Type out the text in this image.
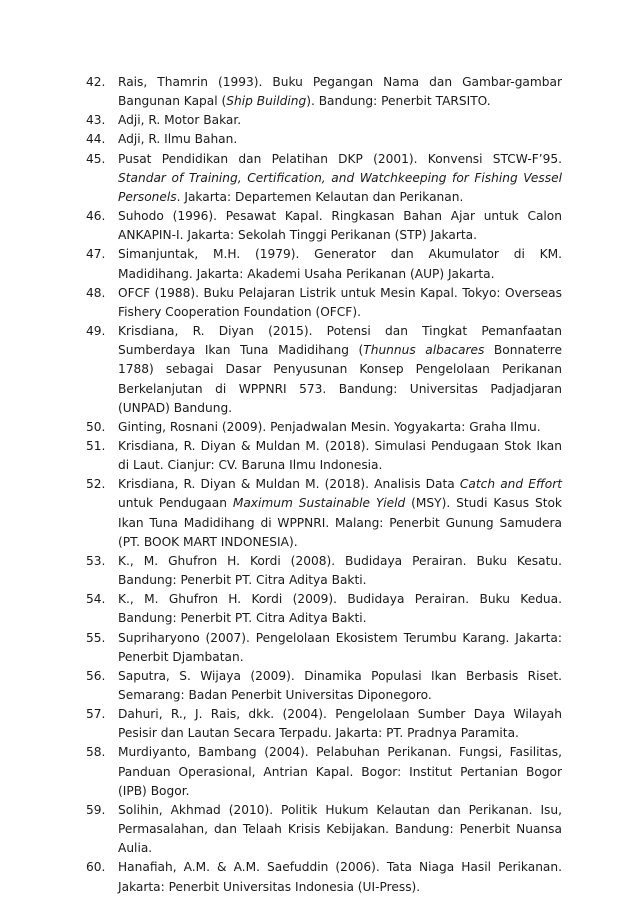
42.	Rais, Thamrin (1993). Buku Pegangan Nama dan Gambar-gambar Bangunan Kapal (Ship Building). Bandung: Penerbit TARSITO.
43.	Adji, R. Motor Bakar.
44.	Adji, R. Ilmu Bahan.
45.	Pusat Pendidikan dan Pelatihan DKP (2001). Konvensi STCW-F’95. Standar of Training, Certification, and Watchkeeping for Fishing Vessel Personels. Jakarta: Departemen Kelautan dan Perikanan.
46.	Suhodo (1996). Pesawat Kapal. Ringkasan Bahan Ajar untuk Calon ANKAPIN-I. Jakarta: Sekolah Tinggi Perikanan (STP) Jakarta.
47.	Simanjuntak, M.H. (1979). Generator dan Akumulator di KM. Madidihang. Jakarta: Akademi Usaha Perikanan (AUP) Jakarta.
48.	OFCF (1988). Buku Pelajaran Listrik untuk Mesin Kapal. Tokyo: Overseas Fishery Cooperation Foundation (OFCF).
49.	Krisdiana, R. Diyan (2015). Potensi dan Tingkat Pemanfaatan Sumberdaya Ikan Tuna Madidihang (Thunnus albacares Bonnaterre 1788) sebagai Dasar Penyusunan Konsep Pengelolaan Perikanan Berkelanjutan di WPPNRI 573. Bandung: Universitas Padjadjaran (UNPAD) Bandung.
50.	Ginting, Rosnani (2009). Penjadwalan Mesin. Yogyakarta: Graha Ilmu.
51.	Krisdiana, R. Diyan & Muldan M. (2018). Simulasi Pendugaan Stok Ikan di Laut. Cianjur: CV. Baruna Ilmu Indonesia.
52.	Krisdiana, R. Diyan & Muldan M. (2018). Analisis Data Catch and Effort untuk Pendugaan Maximum Sustainable Yield (MSY). Studi Kasus Stok Ikan Tuna Madidihang di WPPNRI. Malang: Penerbit Gunung Samudera (PT. BOOK MART INDONESIA).
53.	K., M. Ghufron H. Kordi (2008). Budidaya Perairan. Buku Kesatu. Bandung: Penerbit PT. Citra Aditya Bakti.
54.	K., M. Ghufron H. Kordi (2009). Budidaya Perairan. Buku Kedua. Bandung: Penerbit PT. Citra Aditya Bakti.
55.	Supriharyono (2007). Pengelolaan Ekosistem Terumbu Karang. Jakarta: Penerbit Djambatan.
56.	Saputra, S. Wijaya (2009). Dinamika Populasi Ikan Berbasis Riset. Semarang: Badan Penerbit Universitas Diponegoro.
57.	Dahuri, R., J. Rais, dkk. (2004). Pengelolaan Sumber Daya Wilayah Pesisir dan Lautan Secara Terpadu. Jakarta: PT. Pradnya Paramita.
58.	Murdiyanto, Bambang (2004). Pelabuhan Perikanan. Fungsi, Fasilitas, Panduan Operasional, Antrian Kapal. Bogor: Institut Pertanian Bogor (IPB) Bogor.
59.	Solihin, Akhmad (2010). Politik Hukum Kelautan dan Perikanan. Isu, Permasalahan, dan Telaah Krisis Kebijakan. Bandung: Penerbit Nuansa Aulia.
60.	Hanafiah, A.M. & A.M. Saefuddin (2006). Tata Niaga Hasil Perikanan. Jakarta: Penerbit Universitas Indonesia (UI-Press).
